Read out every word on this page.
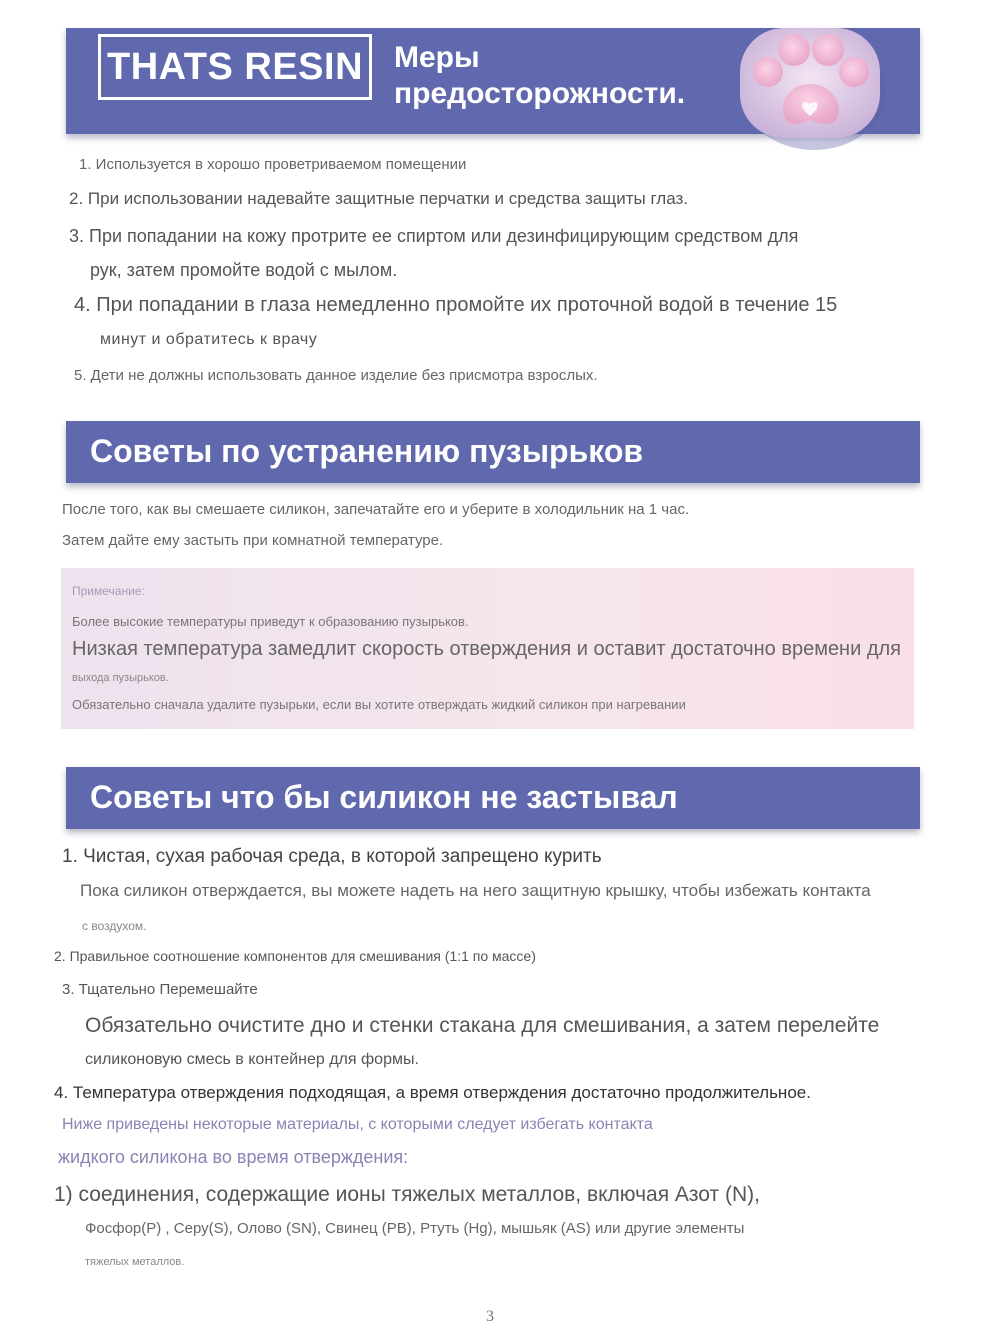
THATS RESIN Меры
предосторожности.
1. Используется в хорошо проветриваемом помещении
2. При использовании надевайте защитные перчатки и средства защиты глаз.
3. При попадании на кожу протрите ее спиртом или дезинфицирующим средством для
рук, затем промойте водой с мылом.
4. При попадании в глаза немедленно промойте их проточной водой в течение 15
минут и обратитесь к врачу
5. Дети не должны использовать данное изделие без присмотра взрослых.
Советы по устранению пузырьков
После того, как вы смешаете силикон, запечатайте его и уберите в холодильник на 1 час.
Затем дайте ему застыть при комнатной температуре.
Примечание:
Более высокие температуры приведут к образованию пузырьков.
Низкая температура замедлит скорость отверждения и оставит достаточно времени для
выхода пузырьков.
Обязательно сначала удалите пузырьки, если вы хотите отверждать жидкий силикон при нагревании
Советы что бы силикон не застывал
1. Чистая, сухая рабочая среда, в которой запрещено курить
Пока силикон отверждается, вы можете надеть на него защитную крышку, чтобы избежать контакта
с воздухом.
2. Правильное соотношение компонентов для смешивания (1:1 по массе)
3. Тщательно Перемешайте
Обязательно очистите дно и стенки стакана для смешивания, а затем перелейте
силиконовую смесь в контейнер для формы.
4. Температура отверждения подходящая, а время отверждения достаточно продолжительное.
Ниже приведены некоторые материалы, с которыми следует избегать контакта
жидкого силикона во время отверждения:
1) соединения, содержащие ионы тяжелых металлов, включая Азот (N),
Фосфор(P) , Серу(S), Олово (SN), Свинец (PB), Ртуть (Hg), мышьяк (AS) или другие элементы
тяжелых металлов.
3
